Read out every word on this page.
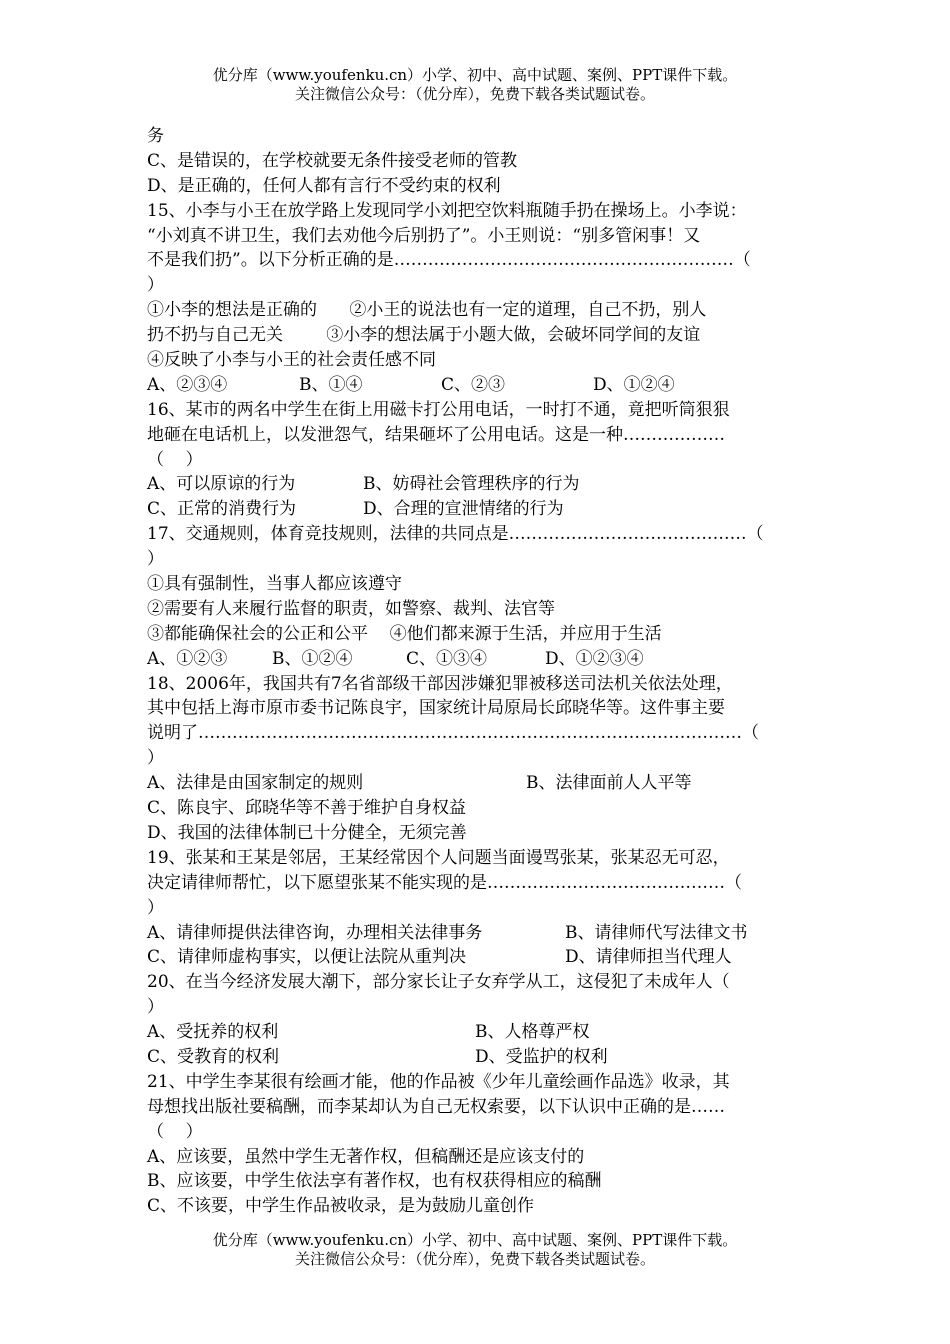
优分库（www.youfenku.cn）小学、初中、高中试题、案例、PPT课件下载。
关注微信公众号：（优分库），免费下载各类试题试卷。
务
C、是错误的，在学校就要无条件接受老师的管教
D、是正确的，任何人都有言行不受约束的权利
15、小李与小王在放学路上发现同学小刘把空饮料瓶随手扔在操场上。小李说：
“小刘真不讲卫生，我们去劝他今后别扔了”。小王则说：“别多管闲事！又
不是我们扔”。以下分析正确的是……………………………………………………（
）
①小李的想法是正确的      ②小王的说法也有一定的道理，自己不扔，别人
扔不扔与自己无关        ③小李的想法属于小题大做，会破坏同学间的友谊
④反映了小李与小王的社会责任感不同
A、②③④	B、①④	C、②③	D、①②④
16、某市的两名中学生在街上用磁卡打公用电话，一时打不通，竟把听筒狠狠
地砸在电话机上，以发泄怨气，结果砸坏了公用电话。这是一种………………
（    ）
A、可以原谅的行为	B、妨碍社会管理秩序的行为
C、正常的消费行为	D、合理的宣泄情绪的行为
17、交通规则，体育竞技规则，法律的共同点是……………………………………（
）
①具有强制性，当事人都应该遵守
②需要有人来履行监督的职责，如警察、裁判、法官等
③都能确保社会的公正和公平    ④他们都来源于生活，并应用于生活
A、①②③	B、①②④	C、①③④	D、①②③④
18、2006年，我国共有7名省部级干部因涉嫌犯罪被移送司法机关依法处理，
其中包括上海市原市委书记陈良宇，国家统计局原局长邱晓华等。这件事主要
说明了……………………………………………………………………………………（
）
A、法律是由国家制定的规则	B、法律面前人人平等
C、陈良宇、邱晓华等不善于维护自身权益
D、我国的法律体制已十分健全，无须完善
19、张某和王某是邻居，王某经常因个人问题当面谩骂张某，张某忍无可忍，
决定请律师帮忙，以下愿望张某不能实现的是……………………………………（
）
A、请律师提供法律咨询，办理相关法律事务	B、请律师代写法律文书
C、请律师虚构事实，以便让法院从重判决	D、请律师担当代理人
20、在当今经济发展大潮下，部分家长让子女弃学从工，这侵犯了未成年人（
）
A、受抚养的权利	B、人格尊严权
C、受教育的权利	D、受监护的权利
21、中学生李某很有绘画才能，他的作品被《少年儿童绘画作品选》收录，其
母想找出版社要稿酬，而李某却认为自己无权索要，以下认识中正确的是……
（    ）
A、应该要，虽然中学生无著作权，但稿酬还是应该支付的
B、应该要，中学生依法享有著作权，也有权获得相应的稿酬
C、不该要，中学生作品被收录，是为鼓励儿童创作
优分库（www.youfenku.cn）小学、初中、高中试题、案例、PPT课件下载。
关注微信公众号：（优分库），免费下载各类试题试卷。
